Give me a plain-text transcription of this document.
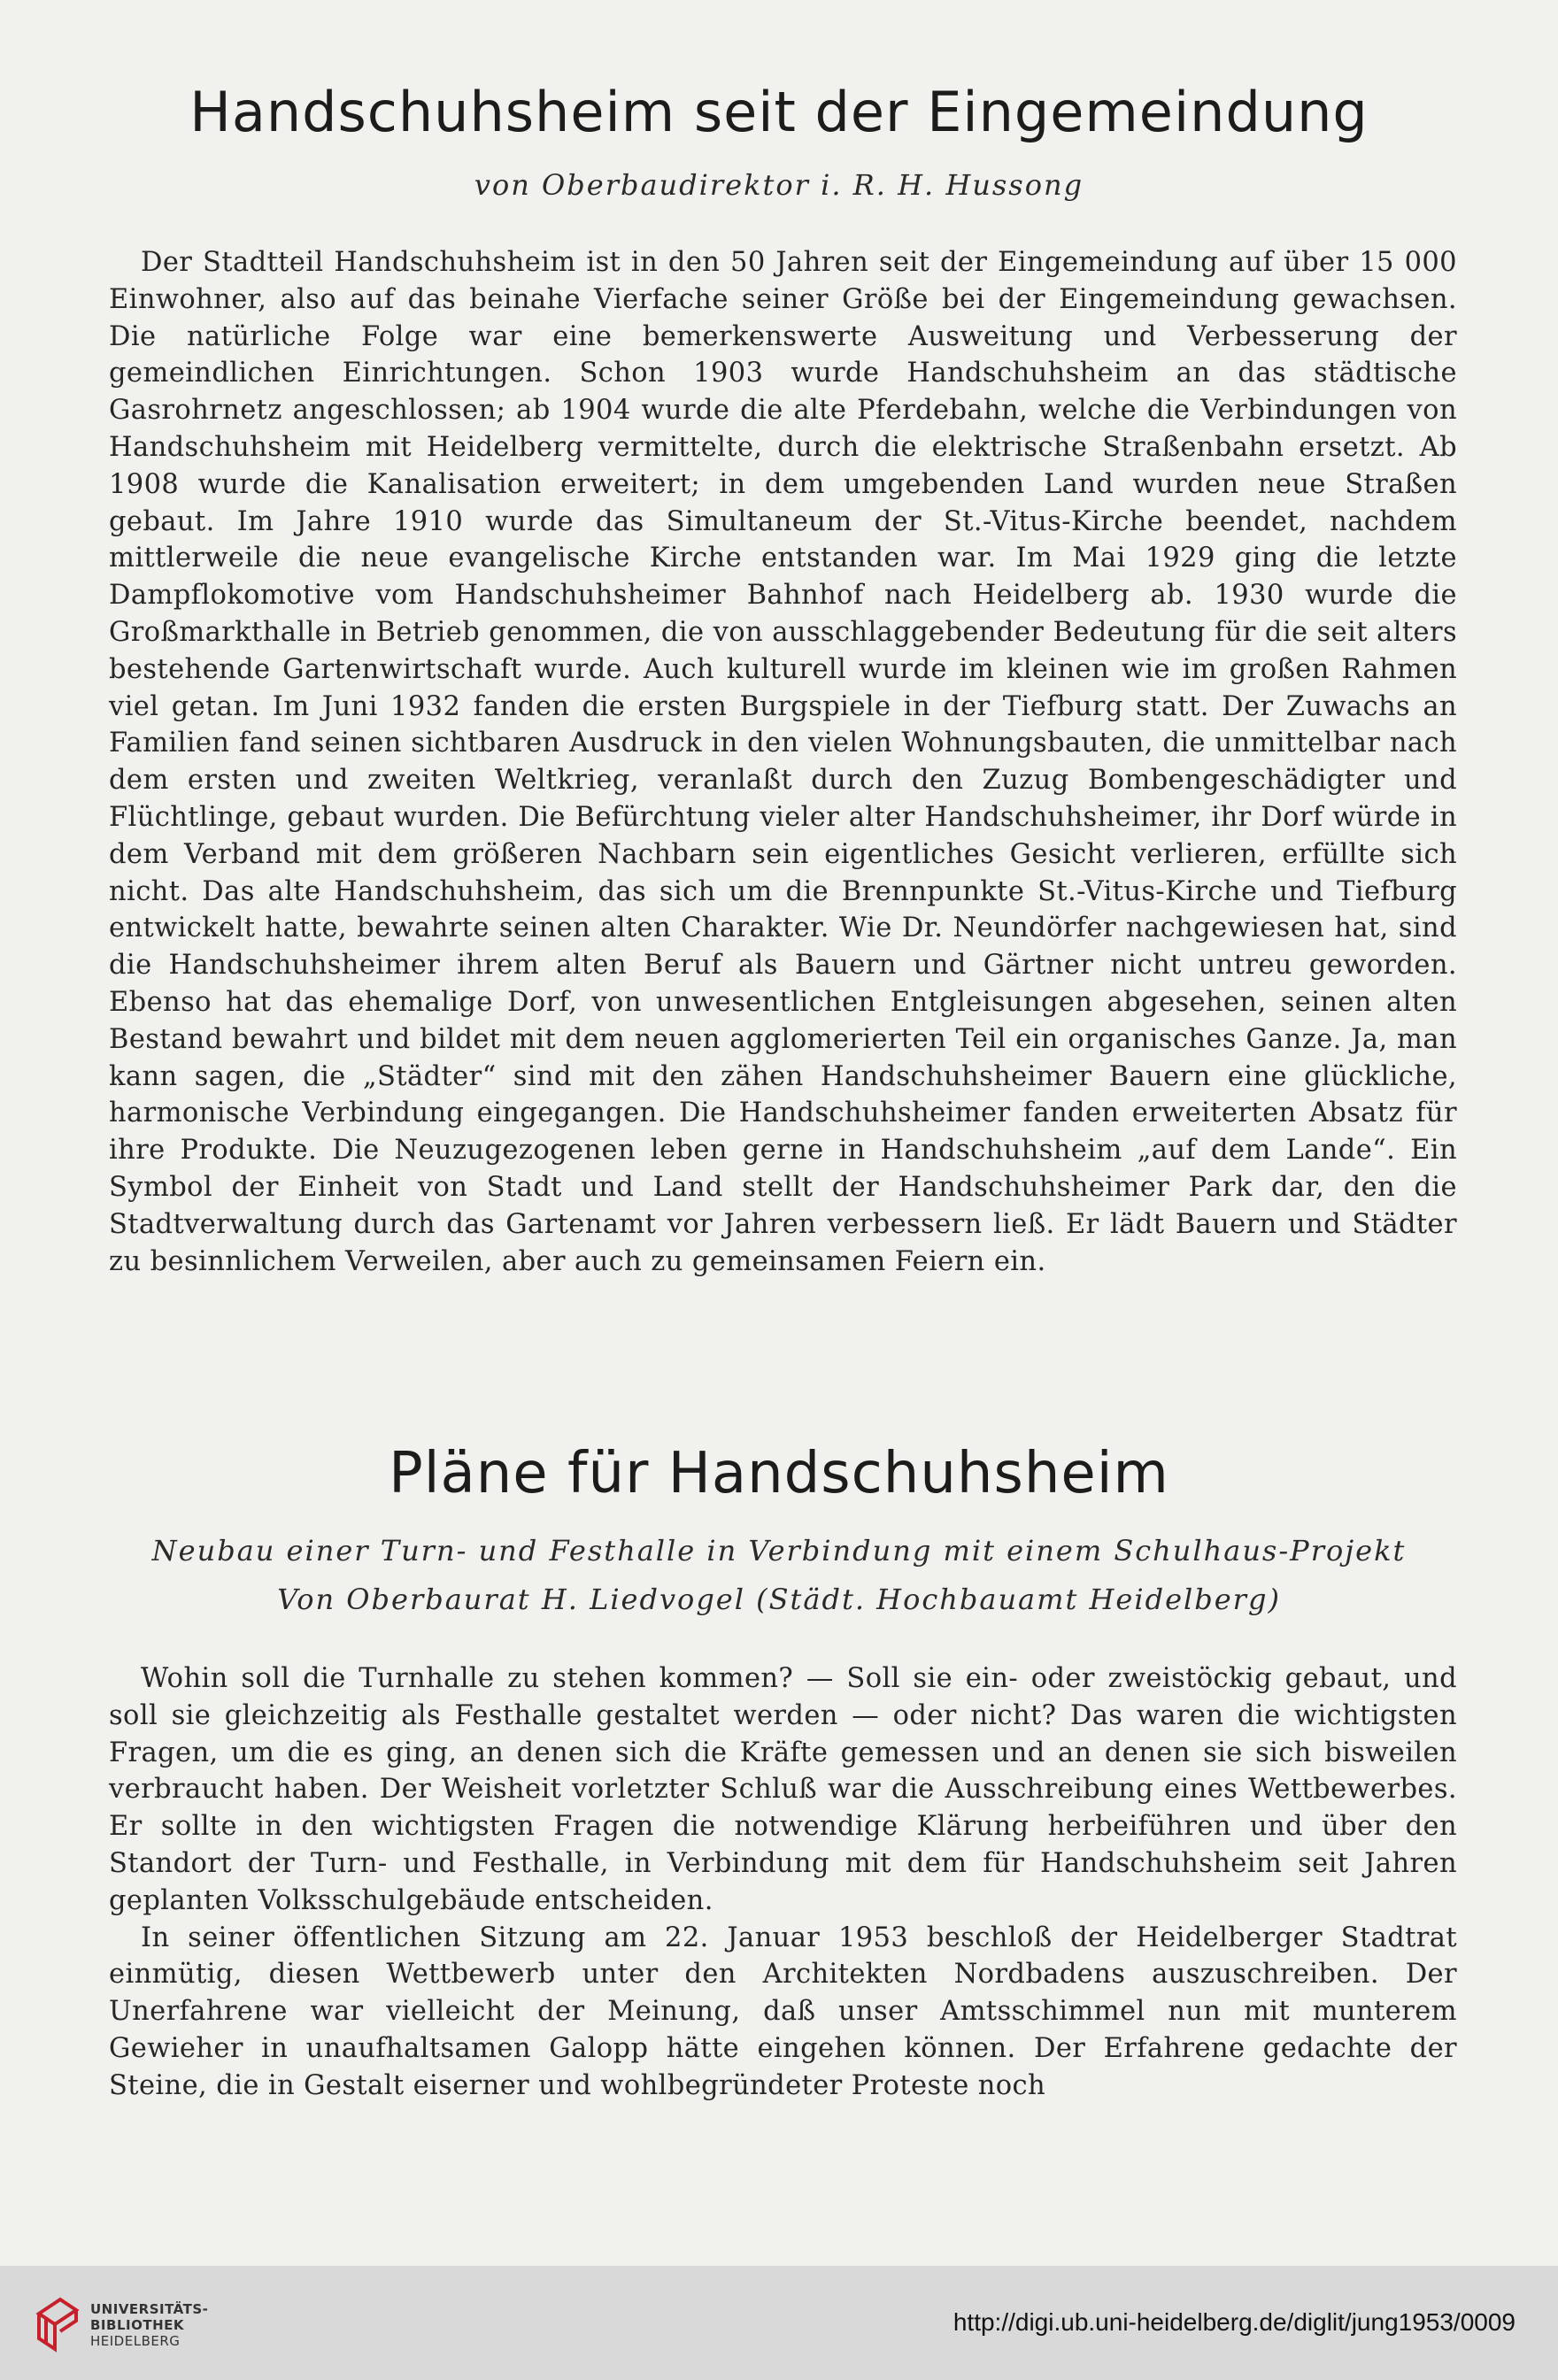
Handschuhsheim seit der Eingemeindung

von Oberbaudirektor i. R. H. Hussong

Der Stadtteil Handschuhsheim ist in den 50 Jahren seit der Eingemeindung auf über 15 000 Einwohner, also auf das beinahe Vierfache seiner Größe bei der Eingemeindung gewachsen. Die natürliche Folge war eine bemerkenswerte Ausweitung und Verbesserung der gemeindlichen Einrichtungen. Schon 1903 wurde Handschuhsheim an das städtische Gasrohrnetz angeschlossen; ab 1904 wurde die alte Pferdebahn, welche die Verbindungen von Handschuhsheim mit Heidelberg vermittelte, durch die elektrische Straßenbahn ersetzt. Ab 1908 wurde die Kanalisation erweitert; in dem umgebenden Land wurden neue Straßen gebaut. Im Jahre 1910 wurde das Simultaneum der St.-Vitus-Kirche beendet, nachdem mittlerweile die neue evangelische Kirche entstanden war. Im Mai 1929 ging die letzte Dampflokomotive vom Handschuhsheimer Bahnhof nach Heidelberg ab. 1930 wurde die Großmarkthalle in Betrieb genommen, die von ausschlaggebender Bedeutung für die seit alters bestehende Gartenwirtschaft wurde. Auch kulturell wurde im kleinen wie im großen Rahmen viel getan. Im Juni 1932 fanden die ersten Burgspiele in der Tiefburg statt. Der Zuwachs an Familien fand seinen sichtbaren Ausdruck in den vielen Wohnungsbauten, die unmittelbar nach dem ersten und zweiten Weltkrieg, veranlaßt durch den Zuzug Bombengeschädigter und Flüchtlinge, gebaut wurden. Die Befürchtung vieler alter Handschuhsheimer, ihr Dorf würde in dem Verband mit dem größeren Nachbarn sein eigentliches Gesicht verlieren, erfüllte sich nicht. Das alte Handschuhsheim, das sich um die Brennpunkte St.-Vitus-Kirche und Tiefburg entwickelt hatte, bewahrte seinen alten Charakter. Wie Dr. Neundörfer nachgewiesen hat, sind die Handschuhsheimer ihrem alten Beruf als Bauern und Gärtner nicht untreu geworden. Ebenso hat das ehemalige Dorf, von unwesentlichen Entgleisungen abgesehen, seinen alten Bestand bewahrt und bildet mit dem neuen agglomerierten Teil ein organisches Ganze. Ja, man kann sagen, die „Städter“ sind mit den zähen Handschuhsheimer Bauern eine glückliche, harmonische Verbindung eingegangen. Die Handschuhsheimer fanden erweiterten Absatz für ihre Produkte. Die Neuzugezogenen leben gerne in Handschuhsheim „auf dem Lande“. Ein Symbol der Einheit von Stadt und Land stellt der Handschuhsheimer Park dar, den die Stadtverwaltung durch das Gartenamt vor Jahren verbessern ließ. Er lädt Bauern und Städter zu besinnlichem Verweilen, aber auch zu gemeinsamen Feiern ein.

Pläne für Handschuhsheim

Neubau einer Turn- und Festhalle in Verbindung mit einem Schulhaus-Projekt

Von Oberbaurat H. Liedvogel (Städt. Hochbauamt Heidelberg)

Wohin soll die Turnhalle zu stehen kommen? — Soll sie ein- oder zweistöckig gebaut, und soll sie gleichzeitig als Festhalle gestaltet werden — oder nicht? Das waren die wichtigsten Fragen, um die es ging, an denen sich die Kräfte gemessen und an denen sie sich bisweilen verbraucht haben. Der Weisheit vorletzter Schluß war die Ausschreibung eines Wettbewerbes. Er sollte in den wichtigsten Fragen die notwendige Klärung herbeiführen und über den Standort der Turn- und Festhalle, in Verbindung mit dem für Handschuhsheim seit Jahren geplanten Volksschulgebäude entscheiden.

In seiner öffentlichen Sitzung am 22. Januar 1953 beschloß der Heidelberger Stadtrat einmütig, diesen Wettbewerb unter den Architekten Nordbadens auszuschreiben. Der Unerfahrene war vielleicht der Meinung, daß unser Amtsschimmel nun mit munterem Gewieher in unaufhaltsamen Galopp hätte eingehen können. Der Erfahrene gedachte der Steine, die in Gestalt eiserner und wohlbegründeter Proteste noch

UNIVERSITÄTS-
BIBLIOTHEK
HEIDELBERG
http://digi.ub.uni-heidelberg.de/diglit/jung1953/0009
